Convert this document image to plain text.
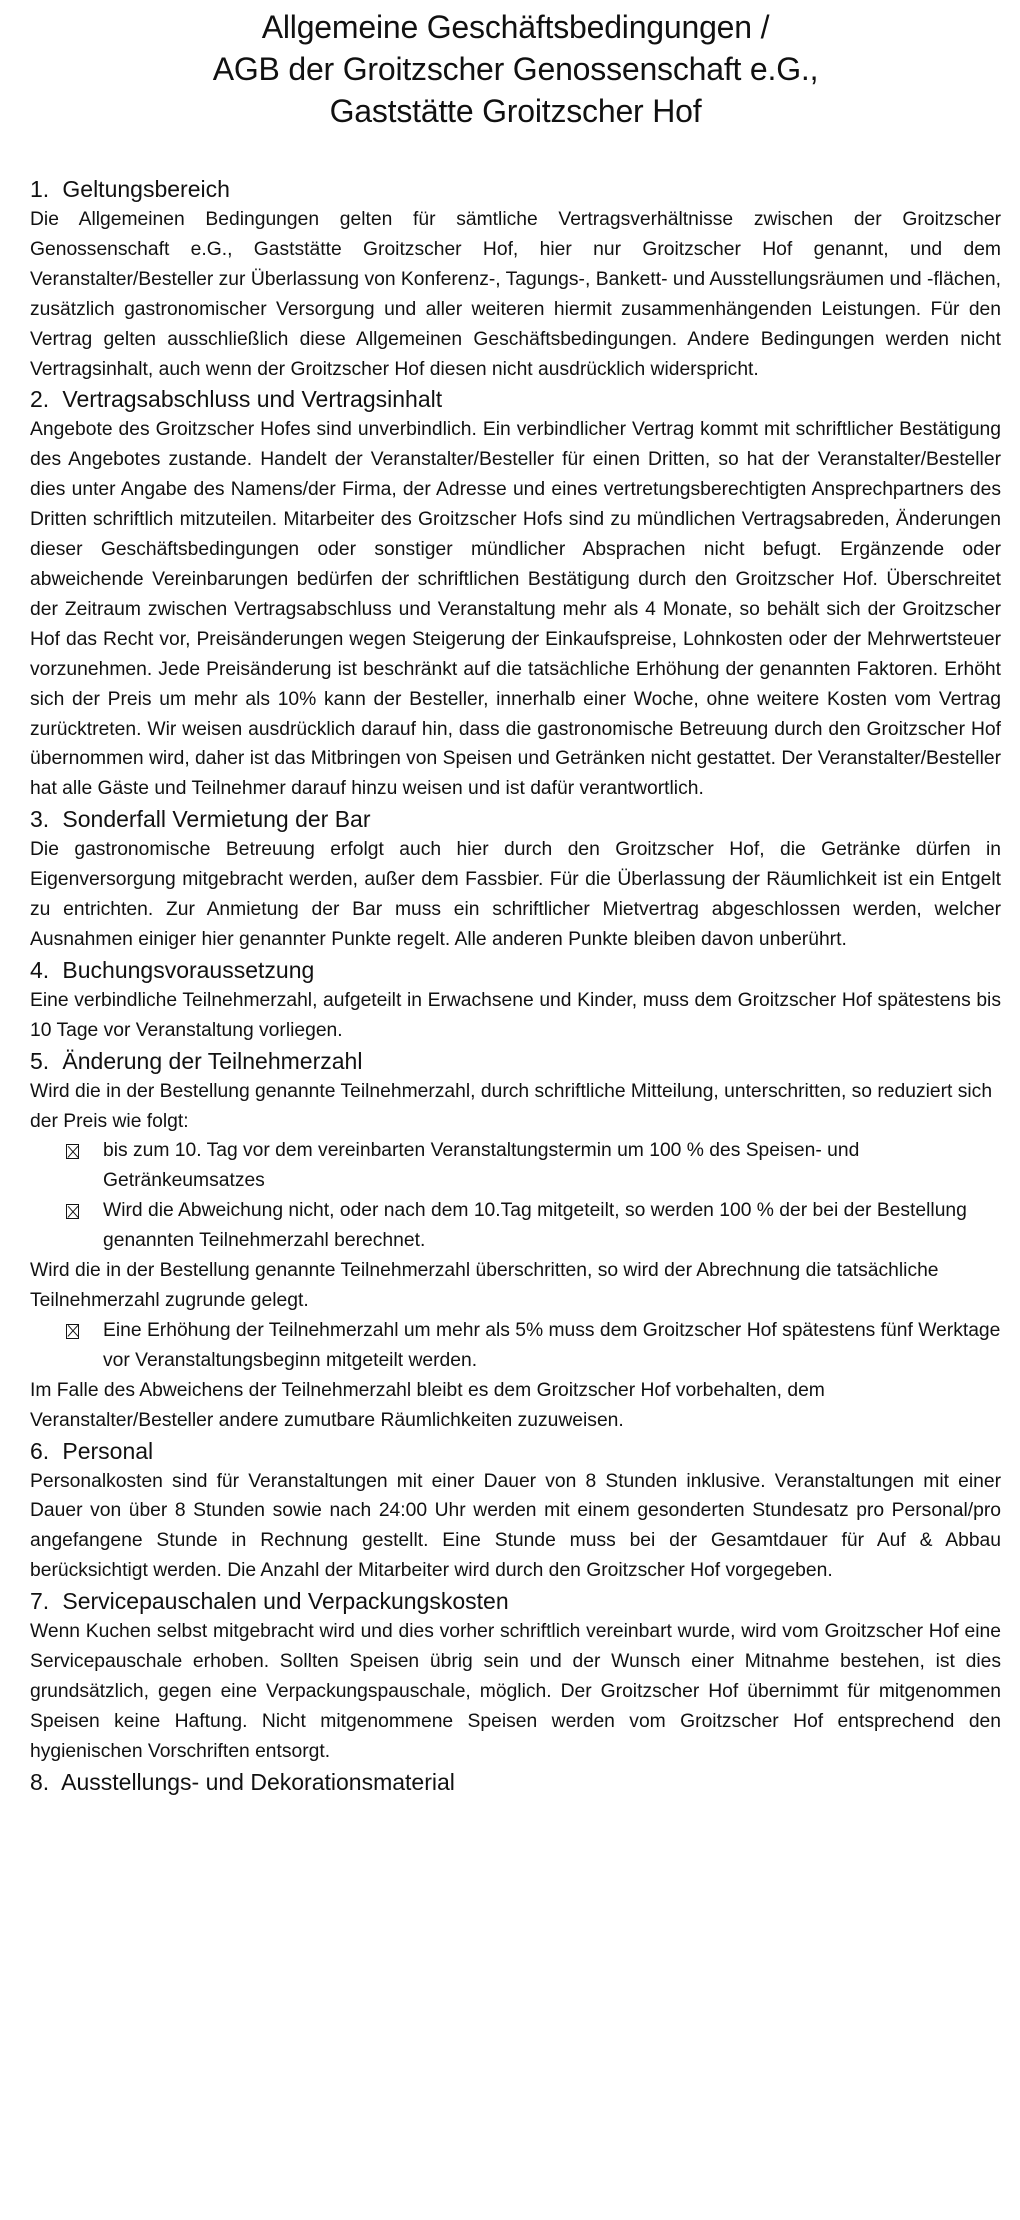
Allgemeine Geschäftsbedingungen /
AGB der Groitzscher Genossenschaft e.G.,
Gaststätte Groitzscher Hof
1. Geltungsbereich

Die Allgemeinen Bedingungen gelten für sämtliche Vertragsverhältnisse zwischen der Groitzscher Genossenschaft e.G., Gaststätte Groitzscher Hof, hier nur Groitzscher Hof genannt, und dem Veranstalter/Besteller zur Überlassung von Konferenz-, Tagungs-, Bankett- und Ausstellungsräumen und -flächen, zusätzlich gastronomischer Versorgung und aller weiteren hiermit zusammenhängenden Leistungen. Für den Vertrag gelten ausschließlich diese Allgemeinen Geschäftsbedingungen. Andere Bedingungen werden nicht Vertragsinhalt, auch wenn der Groitzscher Hof diesen nicht ausdrücklich widerspricht.

2. Vertragsabschluss und Vertragsinhalt

Angebote des Groitzscher Hofes sind unverbindlich. Ein verbindlicher Vertrag kommt mit schriftlicher Bestätigung des Angebotes zustande. Handelt der Veranstalter/Besteller für einen Dritten, so hat der Veranstalter/Besteller dies unter Angabe des Namens/der Firma, der Adresse und eines vertretungsberechtigten Ansprechpartners des Dritten schriftlich mitzuteilen. Mitarbeiter des Groitzscher Hofs sind zu mündlichen Vertragsabreden, Änderungen dieser Geschäftsbedingungen oder sonstiger mündlicher Absprachen nicht befugt. Ergänzende oder abweichende Vereinbarungen bedürfen der schriftlichen Bestätigung durch den Groitzscher Hof. Überschreitet der Zeitraum zwischen Vertragsabschluss und Veranstaltung mehr als 4 Monate, so behält sich der Groitzscher Hof das Recht vor, Preisänderungen wegen Steigerung der Einkaufspreise, Lohnkosten oder der Mehrwertsteuer vorzunehmen. Jede Preisänderung ist beschränkt auf die tatsächliche Erhöhung der genannten Faktoren. Erhöht sich der Preis um mehr als 10% kann der Besteller, innerhalb einer Woche, ohne weitere Kosten vom Vertrag zurücktreten. Wir weisen ausdrücklich darauf hin, dass die gastronomische Betreuung durch den Groitzscher Hof übernommen wird, daher ist das Mitbringen von Speisen und Getränken nicht gestattet. Der Veranstalter/Besteller hat alle Gäste und Teilnehmer darauf hinzu weisen und ist dafür verantwortlich.

3. Sonderfall Vermietung der Bar

Die gastronomische Betreuung erfolgt auch hier durch den Groitzscher Hof, die Getränke dürfen in Eigenversorgung mitgebracht werden, außer dem Fassbier. Für die Überlassung der Räumlichkeit ist ein Entgelt zu entrichten. Zur Anmietung der Bar muss ein schriftlicher Mietvertrag abgeschlossen werden, welcher Ausnahmen einiger hier genannter Punkte regelt. Alle anderen Punkte bleiben davon unberührt.

4. Buchungsvoraussetzung

Eine verbindliche Teilnehmerzahl, aufgeteilt in Erwachsene und Kinder, muss dem Groitzscher Hof spätestens bis 10 Tage vor Veranstaltung vorliegen.

5. Änderung der Teilnehmerzahl

Wird die in der Bestellung genannte Teilnehmerzahl, durch schriftliche Mitteilung, unterschritten, so reduziert sich der Preis wie folgt:

bis zum 10. Tag vor dem vereinbarten Veranstaltungstermin um 100 % des Speisen- und Getränkeumsatzes
Wird die Abweichung nicht, oder nach dem 10.Tag mitgeteilt, so werden 100 % der bei der Bestellung genannten Teilnehmerzahl berechnet.

Wird die in der Bestellung genannte Teilnehmerzahl überschritten, so wird der Abrechnung die tatsächliche Teilnehmerzahl zugrunde gelegt.

Eine Erhöhung der Teilnehmerzahl um mehr als 5% muss dem Groitzscher Hof spätestens fünf Werktage vor Veranstaltungsbeginn mitgeteilt werden.

Im Falle des Abweichens der Teilnehmerzahl bleibt es dem Groitzscher Hof vorbehalten, dem Veranstalter/Besteller andere zumutbare Räumlichkeiten zuzuweisen.

6. Personal

Personalkosten sind für Veranstaltungen mit einer Dauer von 8 Stunden inklusive. Veranstaltungen mit einer Dauer von über 8 Stunden sowie nach 24:00 Uhr werden mit einem gesonderten Stundesatz pro Personal/pro angefangene Stunde in Rechnung gestellt. Eine Stunde muss bei der Gesamtdauer für Auf & Abbau berücksichtigt werden. Die Anzahl der Mitarbeiter wird durch den Groitzscher Hof vorgegeben.

7. Servicepauschalen und Verpackungskosten

Wenn Kuchen selbst mitgebracht wird und dies vorher schriftlich vereinbart wurde, wird vom Groitzscher Hof eine Servicepauschale erhoben. Sollten Speisen übrig sein und der Wunsch einer Mitnahme bestehen, ist dies grundsätzlich, gegen eine Verpackungspauschale, möglich. Der Groitzscher Hof übernimmt für mitgenommen Speisen keine Haftung. Nicht mitgenommene Speisen werden vom Groitzscher Hof entsprechend den hygienischen Vorschriften entsorgt.

8. Ausstellungs- und Dekorationsmaterial
